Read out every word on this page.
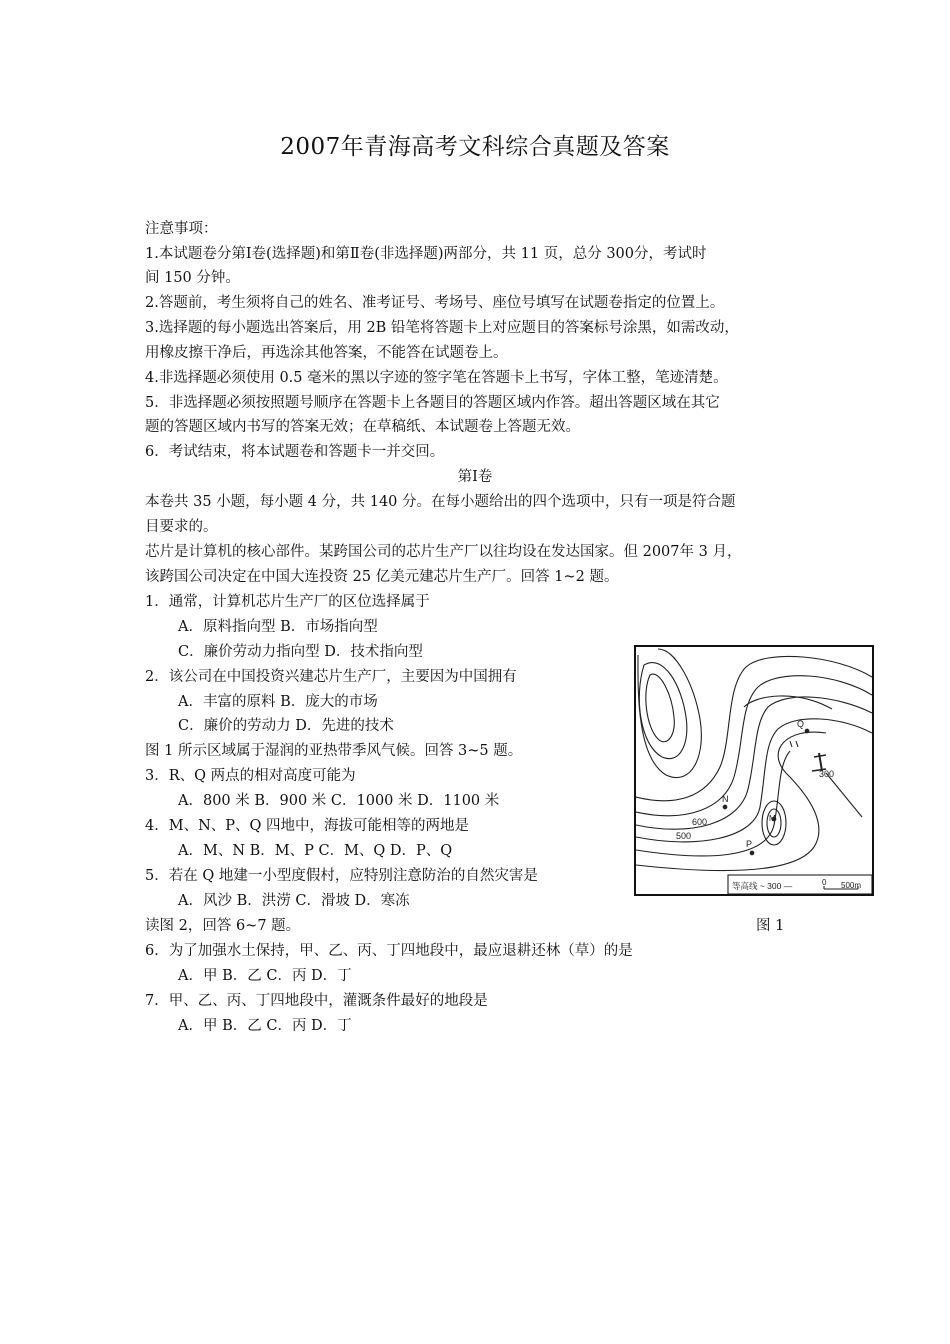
2007年青海高考文科综合真题及答案
注意事项：
1.本试题卷分第Ⅰ卷(选择题)和第Ⅱ卷(非选择题)两部分，共 11 页，总分 300分，考试时
间 150 分钟。
2.答题前，考生须将自己的姓名、准考证号、考场号、座位号填写在试题卷指定的位置上。
3.选择题的每小题选出答案后，用 2B 铅笔将答题卡上对应题目的答案标号涂黑，如需改动，
用橡皮擦干净后，再选涂其他答案，不能答在试题卷上。
4.非选择题必须使用 0.5 毫米的黑以字迹的签字笔在答题卡上书写，字体工整，笔迹清楚。
5．非选择题必须按照题号顺序在答题卡上各题目的答题区域内作答。超出答题区域在其它
题的答题区域内书写的答案无效；在草稿纸、本试题卷上答题无效。
6．考试结束，将本试题卷和答题卡一并交回。
第Ⅰ卷
本卷共 35 小题，每小题 4 分，共 140 分。在每小题给出的四个选项中，只有一项是符合题
目要求的。
芯片是计算机的核心部件。某跨国公司的芯片生产厂以往均设在发达国家。但 2007年 3 月，
该跨国公司决定在中国大连投资 25 亿美元建芯片生产厂。回答 1~2 题。
1．通常，计算机芯片生产厂的区位选择属于
A．原料指向型 B．市场指向型
C．廉价劳动力指向型 D．技术指向型
2．该公司在中国投资兴建芯片生产厂，主要因为中国拥有
A．丰富的原料 B．庞大的市场
C．廉价的劳动力 D．先进的技术
图 1 所示区域属于湿润的亚热带季风气候。回答 3~5 题。
3．R、Q 两点的相对高度可能为
A．800 米 B．900 米 C．1000 米 D．1100 米
4．M、N、P、Q 四地中，海拔可能相等的两地是
A．M、N B．M、P C．M、Q D．P、Q
5．若在 Q 地建一小型度假村，应特别注意防治的自然灾害是
A．风沙 B．洪涝 C．滑坡 D．寒冻
读图 2，回答 6~7 题。
6．为了加强水土保持，甲、乙、丙、丁四地段中，最应退耕还林（草）的是
A．甲 B．乙 C．丙 D．丁
7．甲、乙、丙、丁四地段中，灌溉条件最好的地段是
A．甲 B．乙 C．丙 D．丁
Q
N
M
P
300
600
500
等高线 ~ 300 —	0 500m
图 1
